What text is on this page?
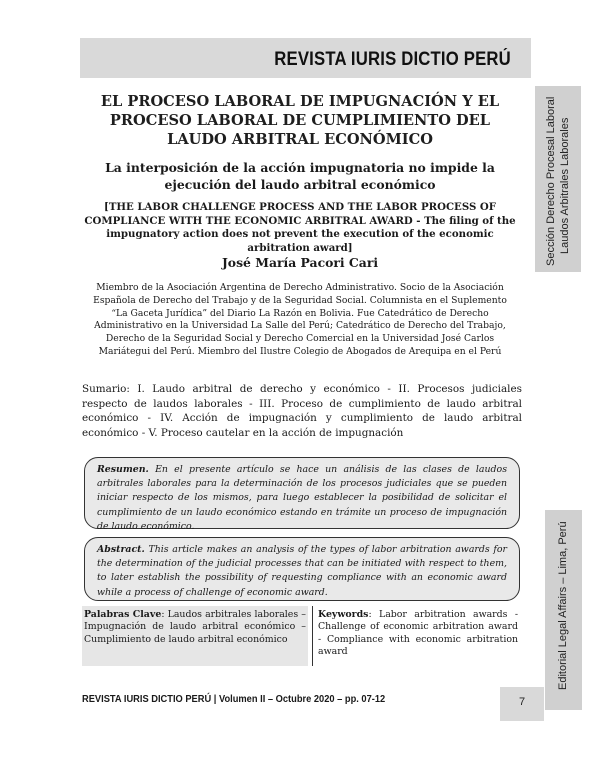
REVISTA IURIS DICTIO PERÚ
Sección Derecho Procesal Laboral Laudos Arbitrales Laborales
Editorial Legal Affairs – Lima, Perú
EL PROCESO LABORAL DE IMPUGNACIÓN Y EL PROCESO LABORAL DE CUMPLIMIENTO DEL LAUDO ARBITRAL ECONÓMICO
La interposición de la acción impugnatoria no impide la ejecución del laudo arbitral económico
[THE LABOR CHALLENGE PROCESS AND THE LABOR PROCESS OF COMPLIANCE WITH THE ECONOMIC ARBITRAL AWARD - The filing of the impugnatory action does not prevent the execution of the economic arbitration award]
José María Pacori Cari
Miembro de la Asociación Argentina de Derecho Administrativo. Socio de la Asociación Española de Derecho del Trabajo y de la Seguridad Social. Columnista en el Suplemento “La Gaceta Jurídica” del Diario La Razón en Bolivia. Fue Catedrático de Derecho Administrativo en la Universidad La Salle del Perú; Catedrático de Derecho del Trabajo, Derecho de la Seguridad Social y Derecho Comercial en la Universidad José Carlos Mariátegui del Perú. Miembro del Ilustre Colegio de Abogados de Arequipa en el Perú
Sumario: I. Laudo arbitral de derecho y económico - II. Procesos judiciales respecto de laudos laborales - III. Proceso de cumplimiento de laudo arbitral económico - IV. Acción de impugnación y cumplimiento de laudo arbitral económico - V. Proceso cautelar en la acción de impugnación
Resumen. En el presente artículo se hace un análisis de las clases de laudos arbitrales laborales para la determinación de los procesos judiciales que se pueden iniciar respecto de los mismos, para luego establecer la posibilidad de solicitar el cumplimiento de un laudo económico estando en trámite un proceso de impugnación de laudo económico.
Abstract. This article makes an analysis of the types of labor arbitration awards for the determination of the judicial processes that can be initiated with respect to them, to later establish the possibility of requesting compliance with an economic award while a process of challenge of economic award.
Palabras Clave: Laudos arbitrales laborales – Impugnación de laudo arbitral económico – Cumplimiento de laudo arbitral económico
Keywords: Labor arbitration awards - Challenge of economic arbitration award - Compliance with economic arbitration award
REVISTA IURIS DICTIO PERÚ | Volumen II – Octubre 2020 – pp. 07-12	7
